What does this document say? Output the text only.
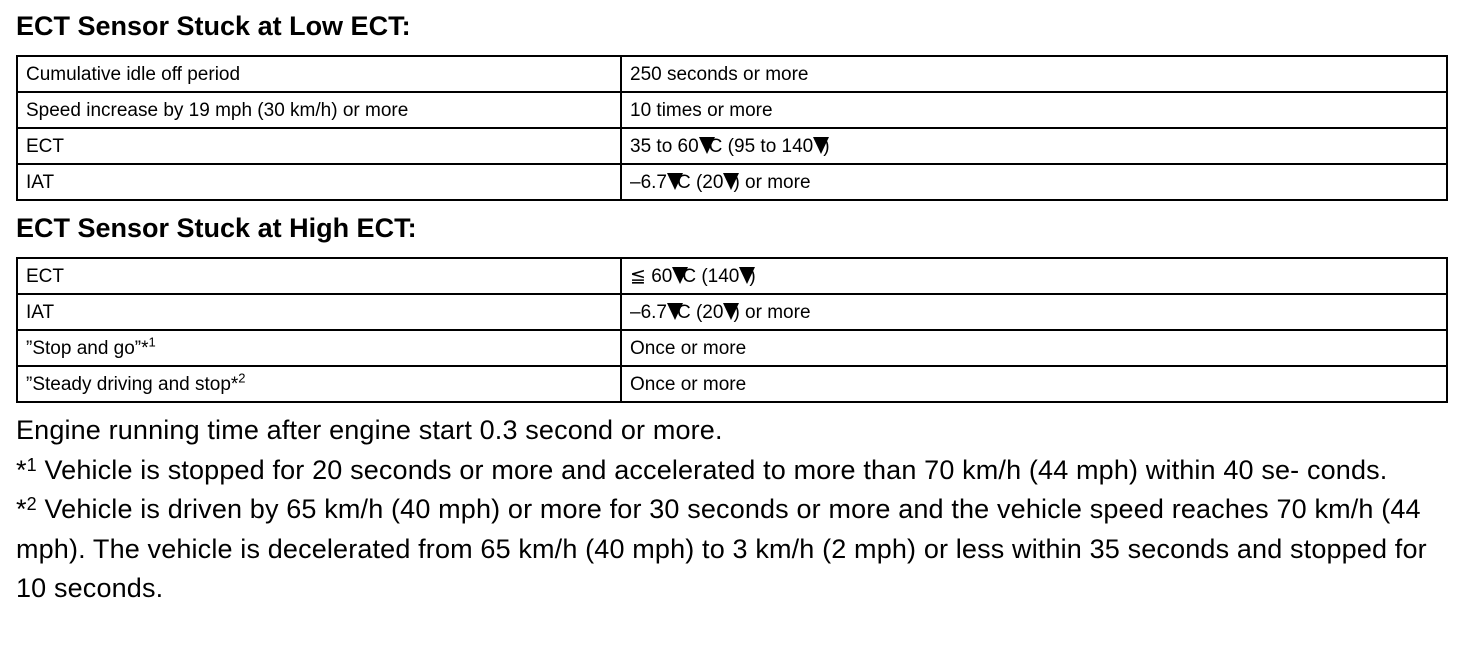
ECT Sensor Stuck at Low ECT:
Cumulative idle off period	250 seconds or more
Speed increase by 19 mph (30 km/h) or more	10 times or more
ECT	35 to 60 C (95 to 140 )
IAT	–6.7 C (20 ) or more
ECT Sensor Stuck at High ECT:
ECT	≦ 60 C (140 )
IAT	–6.7 C (20 ) or more
”Stop and go”*$^1$	Once or more
”Steady driving and stop*$^2$	Once or more

Engine running time after engine start 0.3 second or more.

*$^1$ Vehicle is stopped for 20 seconds or more and accelerated to more than 70 km/h (44 mph) within 40 se- conds.

*$^2$ Vehicle is driven by 65 km/h (40 mph) or more for 30 seconds or more and the vehicle speed reaches 70 km/h (44 mph). The vehicle is decelerated from 65 km/h (40 mph) to 3 km/h (2 mph) or less within 35 seconds and stopped for 10 seconds.
